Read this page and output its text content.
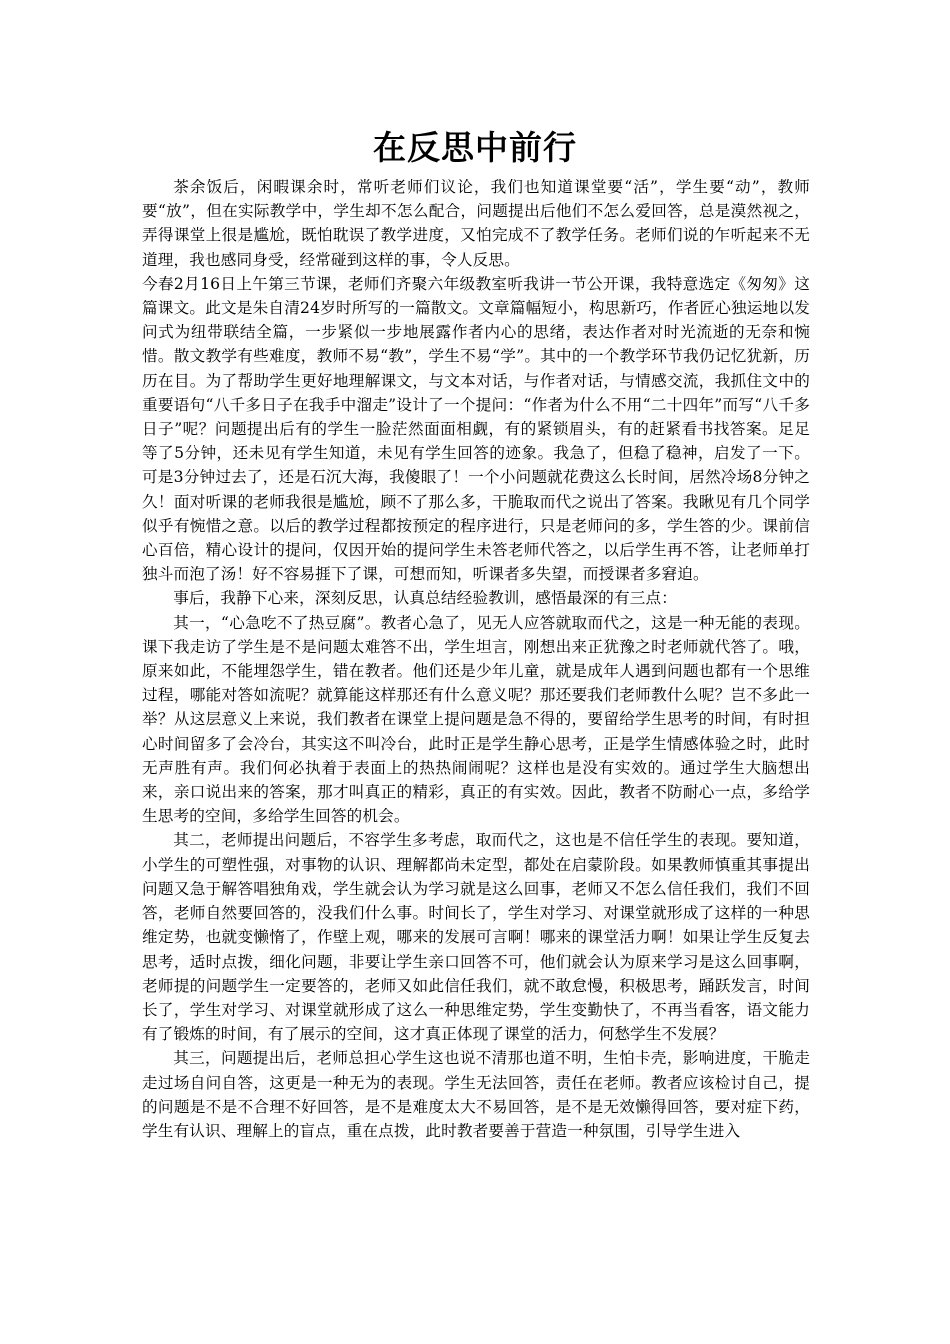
在反思中前行

茶余饭后，闲暇课余时，常听老师们议论，我们也知道课堂要“活”，学生要“动”，教师要“放”，但在实际教学中，学生却不怎么配合，问题提出后他们不怎么爱回答，总是漠然视之，弄得课堂上很是尴尬，既怕耽误了教学进度，又怕完成不了教学任务。老师们说的乍听起来不无道理，我也感同身受，经常碰到这样的事，令人反思。

今春2月16日上午第三节课，老师们齐聚六年级教室听我讲一节公开课，我特意选定《匆匆》这篇课文。此文是朱自清24岁时所写的一篇散文。文章篇幅短小，构思新巧，作者匠心独运地以发问式为纽带联结全篇，一步紧似一步地展露作者内心的思绪，表达作者对时光流逝的无奈和惋惜。散文教学有些难度，教师不易“教”，学生不易“学”。其中的一个教学环节我仍记忆犹新，历历在目。为了帮助学生更好地理解课文，与文本对话，与作者对话，与情感交流，我抓住文中的重要语句“八千多日子在我手中溜走”设计了一个提问：“作者为什么不用“二十四年”而写“八千多日子”呢？问题提出后有的学生一脸茫然面面相觑，有的紧锁眉头，有的赶紧看书找答案。足足等了5分钟，还未见有学生知道，未见有学生回答的迹象。我急了，但稳了稳神，启发了一下。可是3分钟过去了，还是石沉大海，我傻眼了！一个小问题就花费这么长时间，居然冷场8分钟之久！面对听课的老师我很是尴尬，顾不了那么多，干脆取而代之说出了答案。我瞅见有几个同学似乎有惋惜之意。以后的教学过程都按预定的程序进行，只是老师问的多，学生答的少。课前信心百倍，精心设计的提问，仅因开始的提问学生未答老师代答之，以后学生再不答，让老师单打独斗而泡了汤！好不容易捱下了课，可想而知，听课者多失望，而授课者多窘迫。

事后，我静下心来，深刻反思，认真总结经验教训，感悟最深的有三点：

其一，“心急吃不了热豆腐”。教者心急了，见无人应答就取而代之，这是一种无能的表现。课下我走访了学生是不是问题太难答不出，学生坦言，刚想出来正犹豫之时老师就代答了。哦，原来如此，不能埋怨学生，错在教者。他们还是少年儿童，就是成年人遇到问题也都有一个思维过程，哪能对答如流呢？就算能这样那还有什么意义呢？那还要我们老师教什么呢？岂不多此一举？从这层意义上来说，我们教者在课堂上提问题是急不得的，要留给学生思考的时间，有时担心时间留多了会冷台，其实这不叫冷台，此时正是学生静心思考，正是学生情感体验之时，此时无声胜有声。我们何必执着于表面上的热热闹闹呢？这样也是没有实效的。通过学生大脑想出来，亲口说出来的答案，那才叫真正的精彩，真正的有实效。因此，教者不防耐心一点，多给学生思考的空间，多给学生回答的机会。

其二，老师提出问题后，不容学生多考虑，取而代之，这也是不信任学生的表现。要知道，小学生的可塑性强，对事物的认识、理解都尚未定型，都处在启蒙阶段。如果教师慎重其事提出问题又急于解答唱独角戏，学生就会认为学习就是这么回事，老师又不怎么信任我们，我们不回答，老师自然要回答的，没我们什么事。时间长了，学生对学习、对课堂就形成了这样的一种思维定势，也就变懒惰了，作壁上观，哪来的发展可言啊！哪来的课堂活力啊！如果让学生反复去思考，适时点拨，细化问题，非要让学生亲口回答不可，他们就会认为原来学习是这么回事啊，老师提的问题学生一定要答的，老师又如此信任我们，就不敢怠慢，积极思考，踊跃发言，时间长了，学生对学习、对课堂就形成了这么一种思维定势，学生变勤快了，不再当看客，语文能力有了锻炼的时间，有了展示的空间，这才真正体现了课堂的活力，何愁学生不发展？

其三，问题提出后，老师总担心学生这也说不清那也道不明，生怕卡壳，影响进度，干脆走走过场自问自答，这更是一种无为的表现。学生无法回答，责任在老师。教者应该检讨自己，提的问题是不是不合理不好回答，是不是难度太大不易回答，是不是无效懒得回答，要对症下药，学生有认识、理解上的盲点，重在点拨，此时教者要善于营造一种氛围，引导学生进入
